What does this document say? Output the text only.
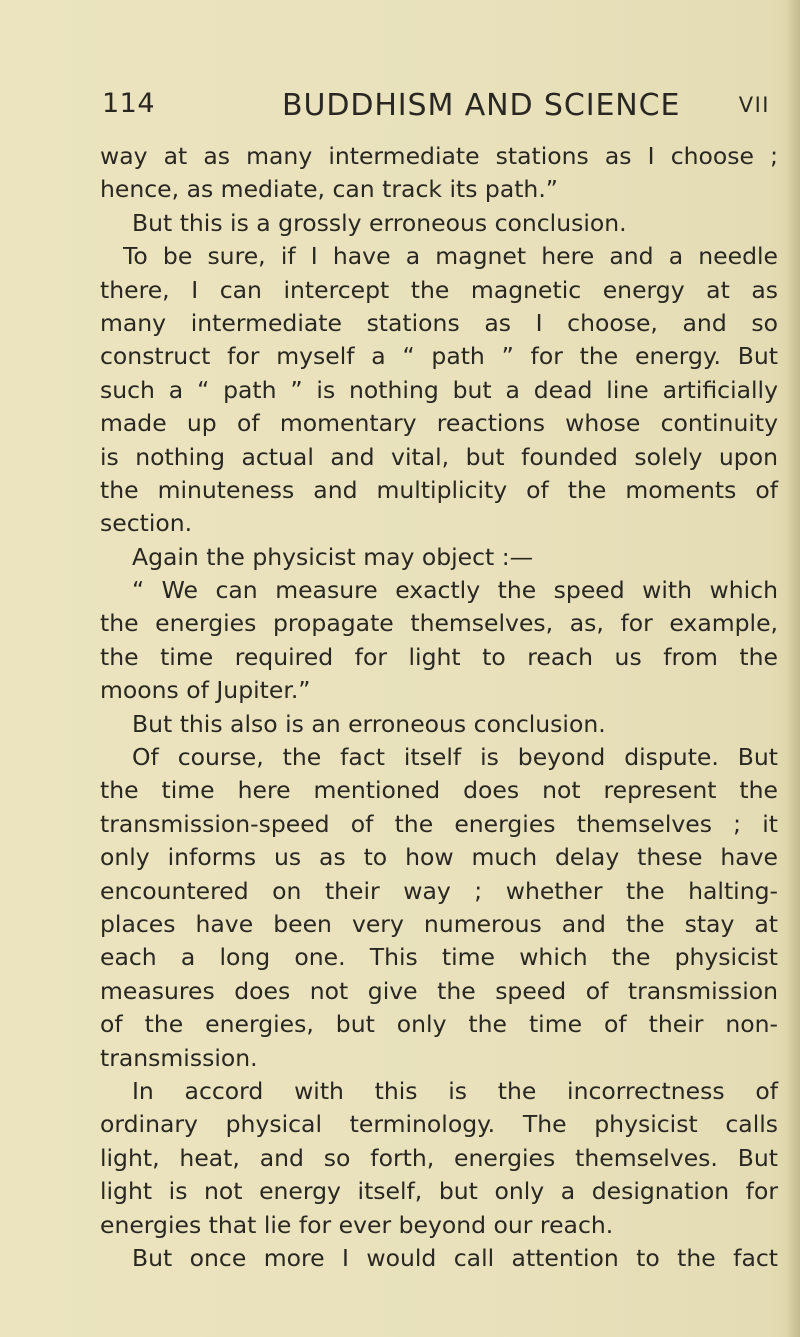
114	BUDDHISM AND SCIENCE	VII
way at as many intermediate stations as I choose ;
hence, as mediate, can track its path.”
But this is a grossly erroneous conclusion.
To be sure, if I have a magnet here and a needle
there, I can intercept the magnetic energy at as
many intermediate stations as I choose, and so
construct for myself a “ path ” for the energy. But
such a “ path ” is nothing but a dead line artificially
made up of momentary reactions whose continuity
is nothing actual and vital, but founded solely upon
the minuteness and multiplicity of the moments of
section.
Again the physicist may object :—
“ We can measure exactly the speed with which
the energies propagate themselves, as, for example,
the time required for light to reach us from the
moons of Jupiter.”
But this also is an erroneous conclusion.
Of course, the fact itself is beyond dispute. But
the time here mentioned does not represent the
transmission-speed of the energies themselves ; it
only informs us as to how much delay these have
encountered on their way ; whether the halting-
places have been very numerous and the stay at
each a long one. This time which the physicist
measures does not give the speed of transmission
of the energies, but only the time of their non-
transmission.
In accord with this is the incorrectness of
ordinary physical terminology. The physicist calls
light, heat, and so forth, energies themselves. But
light is not energy itself, but only a designation for
energies that lie for ever beyond our reach.
But once more I would call attention to the fact
